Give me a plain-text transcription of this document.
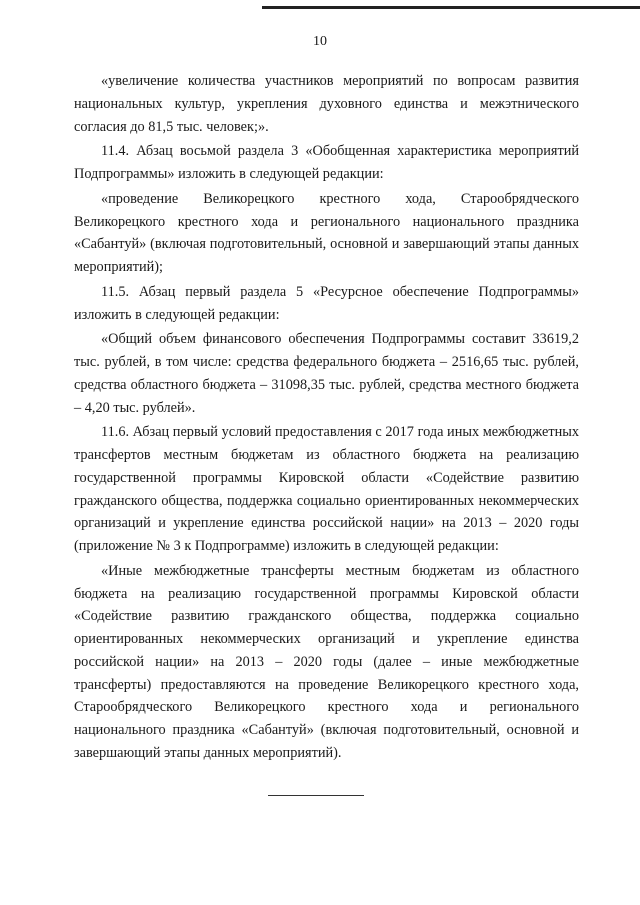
10

«увеличение количества участников мероприятий по вопросам развития национальных культур, укрепления духовного единства и межэтнического согласия до 81,5 тыс. человек;».

11.4. Абзац восьмой раздела 3 «Обобщенная характеристика мероприятий Подпрограммы» изложить в следующей редакции:

«проведение Великорецкого крестного хода, Старообрядческого Великорецкого крестного хода и регионального национального праздника «Сабантуй» (включая подготовительный, основной и завершающий этапы данных мероприятий);

11.5. Абзац первый раздела 5 «Ресурсное обеспечение Подпрограммы» изложить в следующей редакции:

«Общий объем финансового обеспечения Подпрограммы составит 33619,2 тыс. рублей, в том числе: средства федерального бюджета – 2516,65 тыс. рублей, средства областного бюджета – 31098,35 тыс. рублей, средства местного бюджета – 4,20 тыс. рублей».

11.6. Абзац первый условий предоставления с 2017 года иных межбюджетных трансфертов местным бюджетам из областного бюджета на реализацию государственной программы Кировской области «Содействие развитию гражданского общества, поддержка социально ориентированных некоммерческих организаций и укрепление единства российской нации» на 2013 – 2020 годы (приложение № 3 к Подпрограмме) изложить в следующей редакции:

«Иные межбюджетные трансферты местным бюджетам из областного бюджета на реализацию государственной программы Кировской области «Содействие развитию гражданского общества, поддержка социально ориентированных некоммерческих организаций и укрепление единства российской нации» на 2013 – 2020 годы (далее – иные межбюджетные трансферты) предоставляются на проведение Великорецкого крестного хода, Старообрядческого Великорецкого крестного хода и регионального национального праздника «Сабантуй» (включая подготовительный, основной и завершающий этапы данных мероприятий).
